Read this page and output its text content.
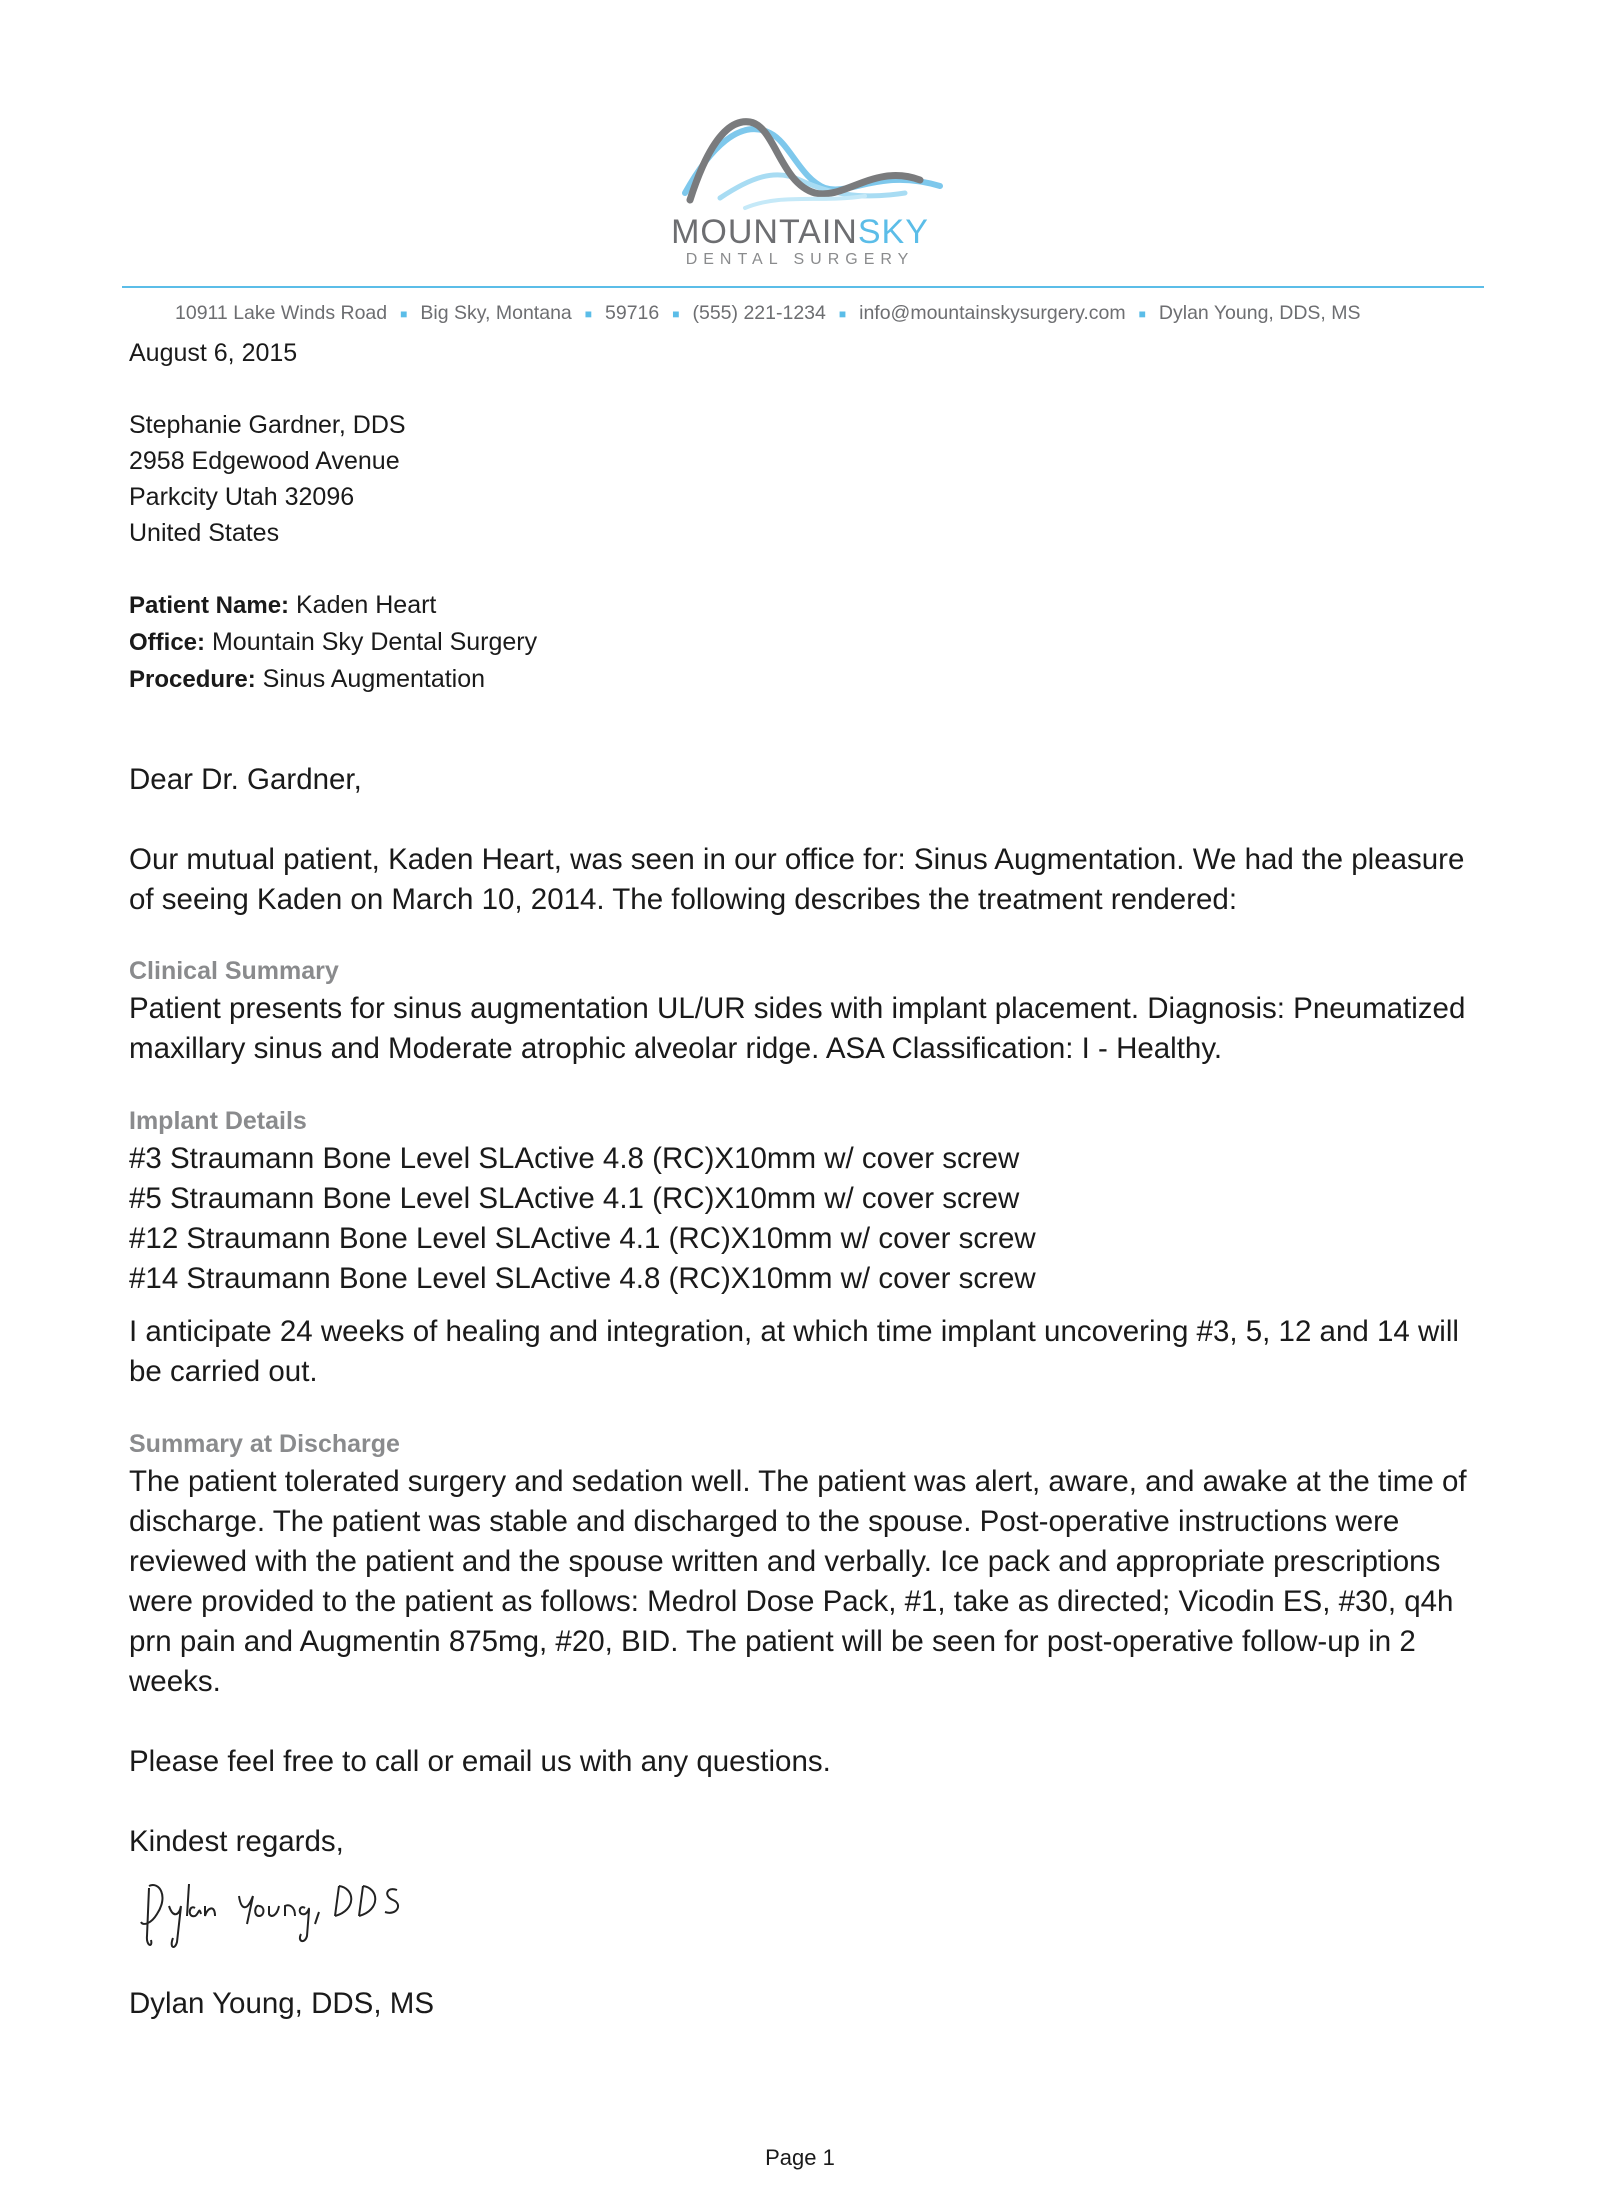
MOUNTAINSKY
DENTAL SURGERY
10911 Lake Winds Road ■ Big Sky, Montana ■ 59716 ■ (555) 221-1234 ■ info@mountainskysurgery.com ■ Dylan Young, DDS, MS

August 6, 2015

Stephanie Gardner, DDS

2958 Edgewood Avenue

Parkcity Utah 32096

United States

Patient Name: Kaden Heart

Office: Mountain Sky Dental Surgery

Procedure: Sinus Augmentation

Dear Dr. Gardner,

Our mutual patient, Kaden Heart, was seen in our office for: Sinus Augmentation. We had the pleasure of seeing Kaden on March 10, 2014. The following describes the treatment rendered:

Clinical Summary

Patient presents for sinus augmentation UL/UR sides with implant placement. Diagnosis: Pneumatized maxillary sinus and Moderate atrophic alveolar ridge. ASA Classification: I - Healthy.

Implant Details

#3 Straumann Bone Level SLActive 4.8 (RC)X10mm w/ cover screw

#5 Straumann Bone Level SLActive 4.1 (RC)X10mm w/ cover screw

#12 Straumann Bone Level SLActive 4.1 (RC)X10mm w/ cover screw

#14 Straumann Bone Level SLActive 4.8 (RC)X10mm w/ cover screw

I anticipate 24 weeks of healing and integration, at which time implant uncovering #3, 5, 12 and 14 will be carried out.

Summary at Discharge

The patient tolerated surgery and sedation well. The patient was alert, aware, and awake at the time of discharge. The patient was stable and discharged to the spouse. Post-operative instructions were reviewed with the patient and the spouse written and verbally. Ice pack and appropriate prescriptions were provided to the patient as follows: Medrol Dose Pack, #1, take as directed; Vicodin ES, #30, q4h prn pain and Augmentin 875mg, #20, BID. The patient will be seen for post-operative follow-up in 2 weeks.

Please feel free to call or email us with any questions.

Kindest regards,

Dylan Young, DDS, MS

Page 1
